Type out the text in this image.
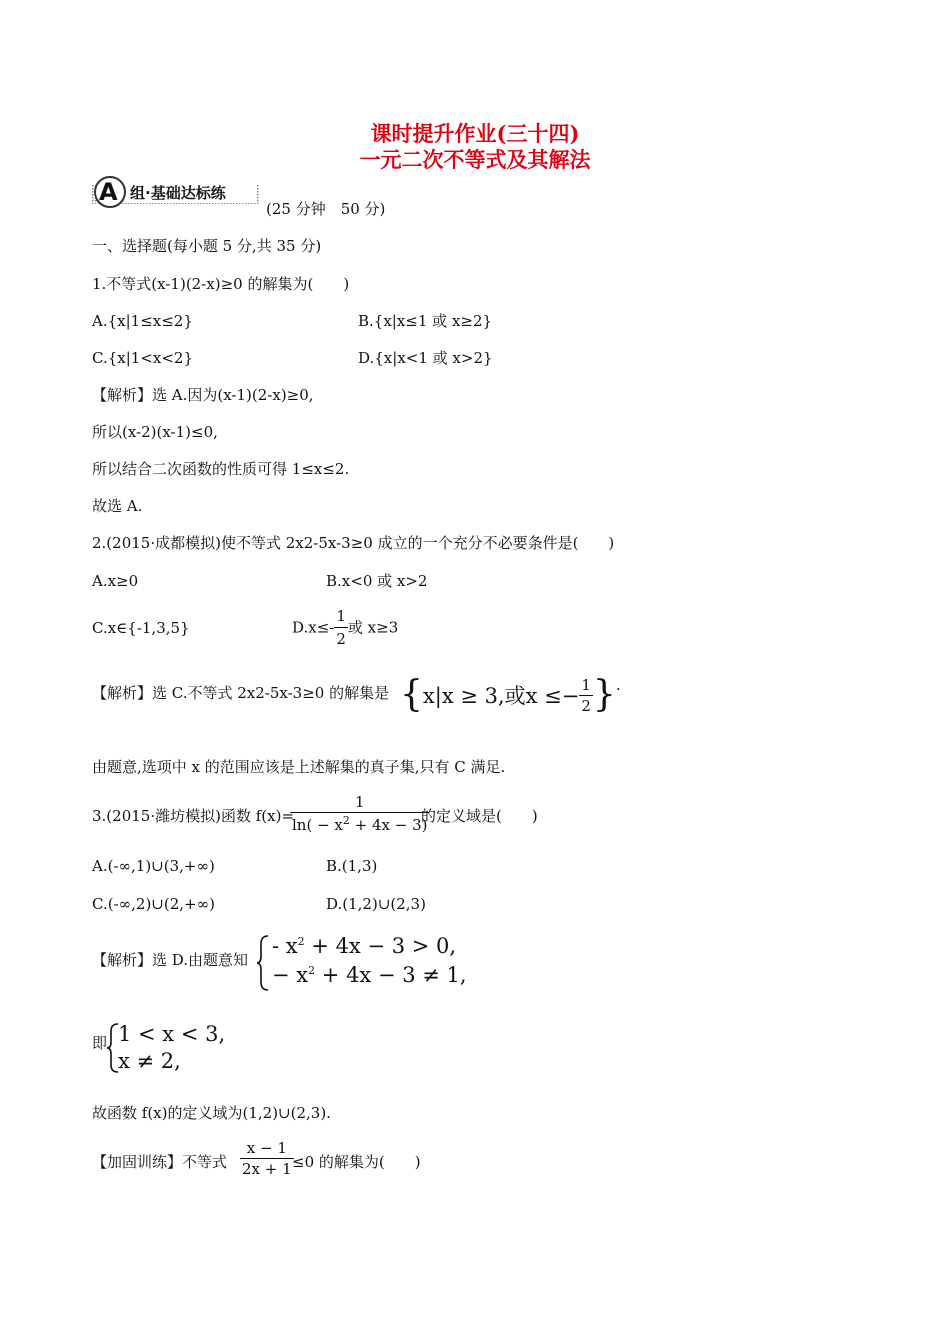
课时提升作业(三十四)
一元二次不等式及其解法
A 组·基础达标练
(25 分钟　50 分)
一、选择题(每小题 5 分,共 35 分)
1.不等式(x-1)(2-x)≥0 的解集为(　　)
A.{x|1≤x≤2}	B.{x|x≤1 或 x≥2}
C.{x|1<x<2}	D.{x|x<1 或 x>2}
【解析】选 A.因为(x-1)(2-x)≥0,
所以(x-2)(x-1)≤0,
所以结合二次函数的性质可得 1≤x≤2.
故选 A.
2.(2015·成都模拟)使不等式 2x2-5x-3≥0 成立的一个充分不必要条件是(　　)
A.x≥0	B.x<0 或 x>2
C.x∈{-1,3,5}	$D.x\le- \frac{1}{2}$ 或 x≥3
【解析】选 C.不等式 2x2-5x-3≥0 的解集是 {x|x ≥ 3,或$x \le- \frac{1}{2}$ }.
由题意,选项中 x 的范围应该是上述解集的真子集,只有 C 满足.
3.(2015·潍坊模拟)函数 f(x)=
$\frac{1}{\ln( - x^2 + 4x - 3)}$
的定义域是(　　)
A.(-∞,1)∪(3,+∞)	B.(1,3)
C.(-∞,2)∪(2,+∞)	D.(1,2)∪(2,3)
【解析】选 D.由题意知
- $x^2 + 4x - 3 > 0$,
− $x^2 + 4x - 3 \ne 1$,
即 1 < x < 3,
x ≠ 2,
故函数 f(x)的定义域为(1,2)∪(2,3).
【加固训练】不等式 $\frac{x - 1}{2x + 1}$
≤0 的解集为(　　)
